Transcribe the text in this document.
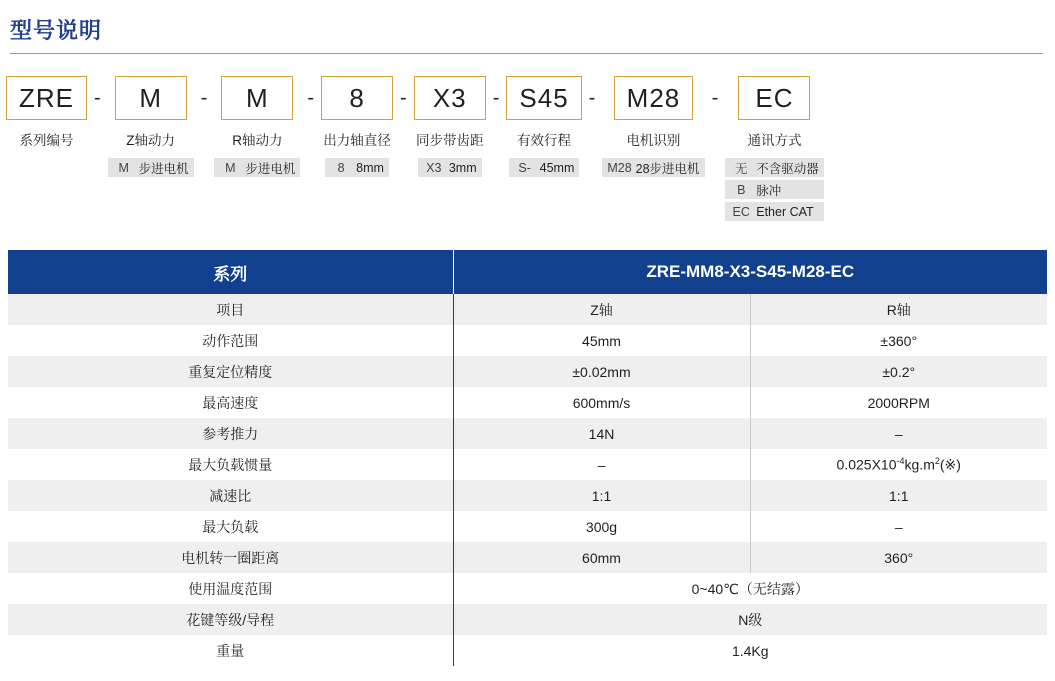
型号说明
ZRE
系列编号
-	M
Z轴动力
M 步进电机
-	M
R轴动力
M 步进电机
-	8
出力轴直径
8 8mm
-	X3
同步带齿距
X3 3mm
- S45
有效行程
S- 45mm
-	M28
电机识别
M28 28步进电机
-	EC
通讯方式
无 不含驱动器
B 脉冲
EC Ether CAT
系列	ZRE-MM8-X3-S45-M28-EC	
项目	Z轴	R轴
动作范围	45mm	±360°
重复定位精度	±0.02mm	±0.2°
最高速度	600mm/s	2000RPM
参考推力	14N	–
最大负载惯量	–	$0.025X10^{-4}kg.m^2(※)$
减速比	1:1	1:1
最大负载	300g	–
电机转一圈距离	60mm	360°
使用温度范围	0~40℃（无结露）	
花键等级/导程	N级	
重量	1.4Kg	
